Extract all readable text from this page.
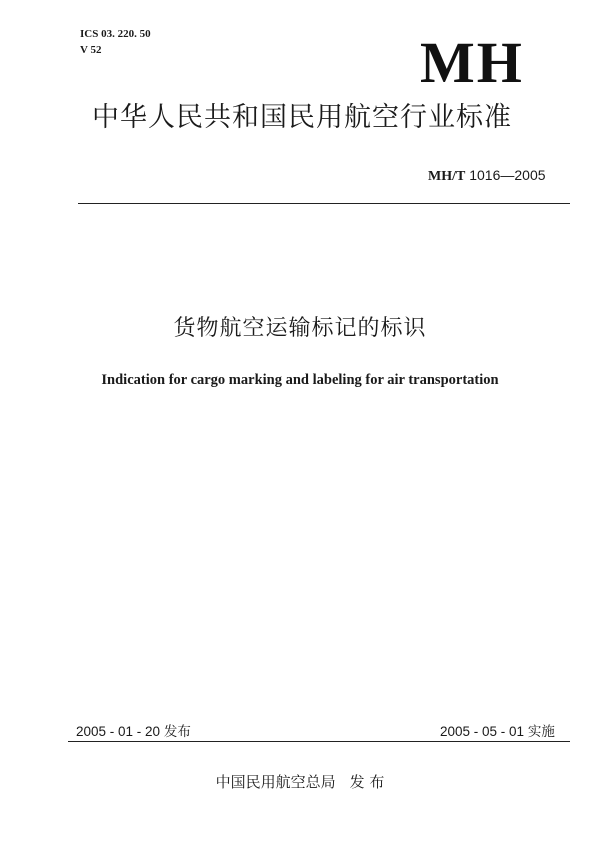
ICS 03. 220. 50
V 52	MH
中华人民共和国民用航空行业标准
MH/T 1016—2005
货物航空运输标记的标识
Indication for cargo marking and labeling for air transportation
2005 - 01 - 20 发布	2005 - 05 - 01 实施
中国民用航空总局 发 布
